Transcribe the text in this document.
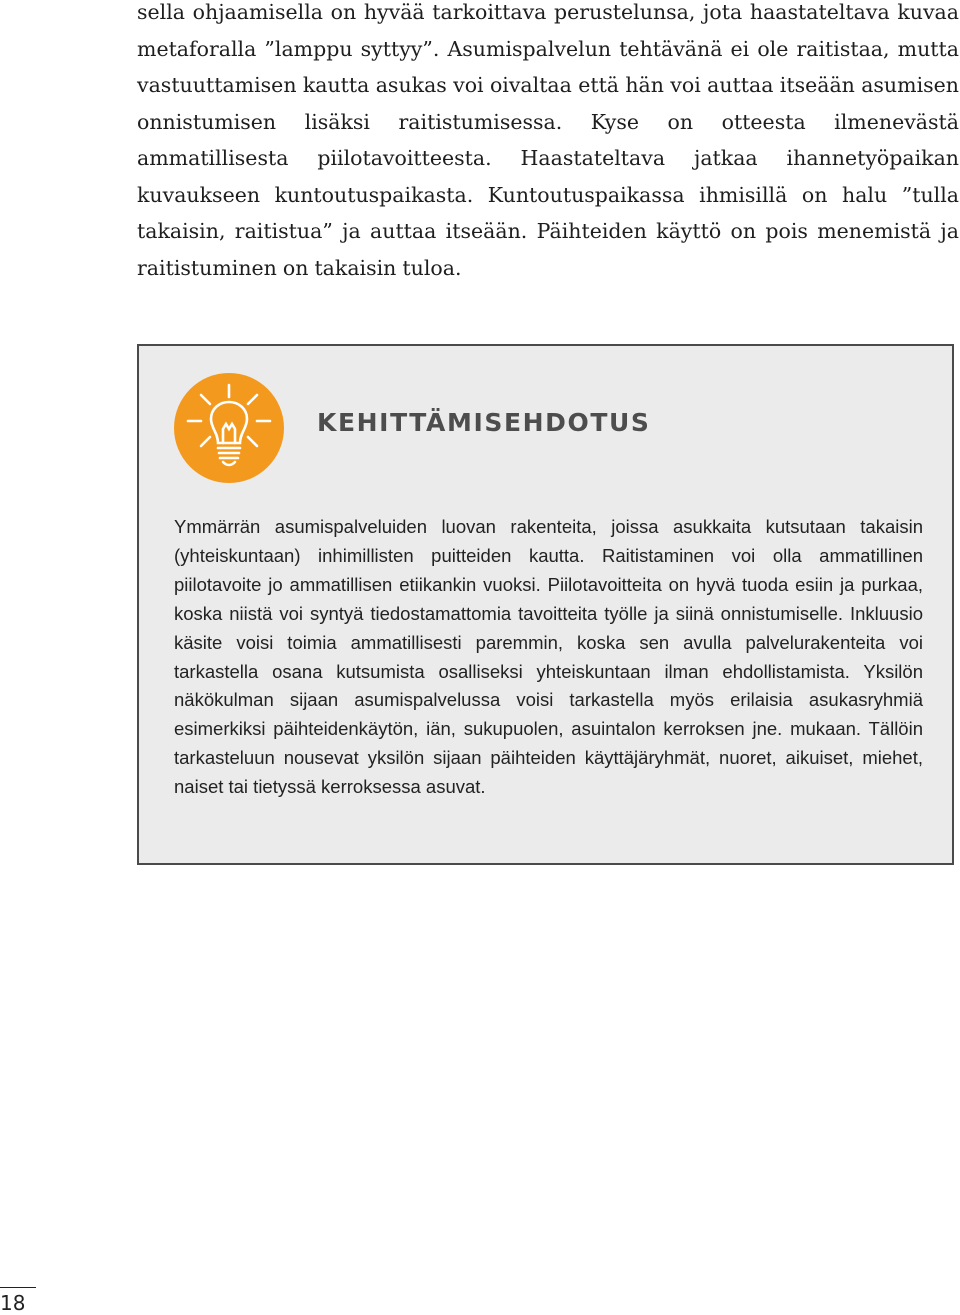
sella ohjaamisella on hyvää tarkoittava perustelunsa, jota haastateltava kuvaa metaforalla ”lamppu syttyy”. Asumispalvelun tehtävänä ei ole raitistaa, mutta vastuuttamisen kautta asukas voi oivaltaa että hän voi auttaa itseään asumisen onnistumisen lisäksi raitistumisessa. Kyse on otteesta ilmenevästä ammatillisesta piilotavoitteesta. Haastateltava jatkaa ihannetyöpaikan kuvaukseen kuntoutuspaikasta. Kuntoutuspaikassa ihmisillä on halu ”tulla takaisin, raitistua” ja auttaa itseään. Päihteiden käyttö on pois menemistä ja raitistuminen on takaisin tuloa.

KEHITTÄMISEHDOTUS

Ymmärrän asumispalveluiden luovan rakenteita, joissa asukkaita kutsutaan takaisin (yhteiskuntaan) inhimillisten puitteiden kautta. Raitistaminen voi olla ammatillinen piilotavoite jo ammatillisen etiikankin vuoksi. Piilotavoitteita on hyvä tuoda esiin ja purkaa, koska niistä voi syntyä tiedostamattomia tavoitteita työlle ja siinä onnistumiselle. Inkluusio käsite voisi toimia ammatillisesti paremmin, koska sen avulla palvelurakenteita voi tarkastella osana kutsumista osalliseksi yhteiskuntaan ilman ehdollistamista. Yksilön näkökulman sijaan asumispalvelussa voisi tarkastella myös erilaisia asukasryhmiä esimerkiksi päihteidenkäytön, iän, sukupuolen, asuintalon kerroksen jne. mukaan. Tällöin tarkasteluun nousevat yksilön sijaan päihteiden käyttäjäryhmät, nuoret, aikuiset, miehet, naiset tai tietyssä kerroksessa asuvat.

18
